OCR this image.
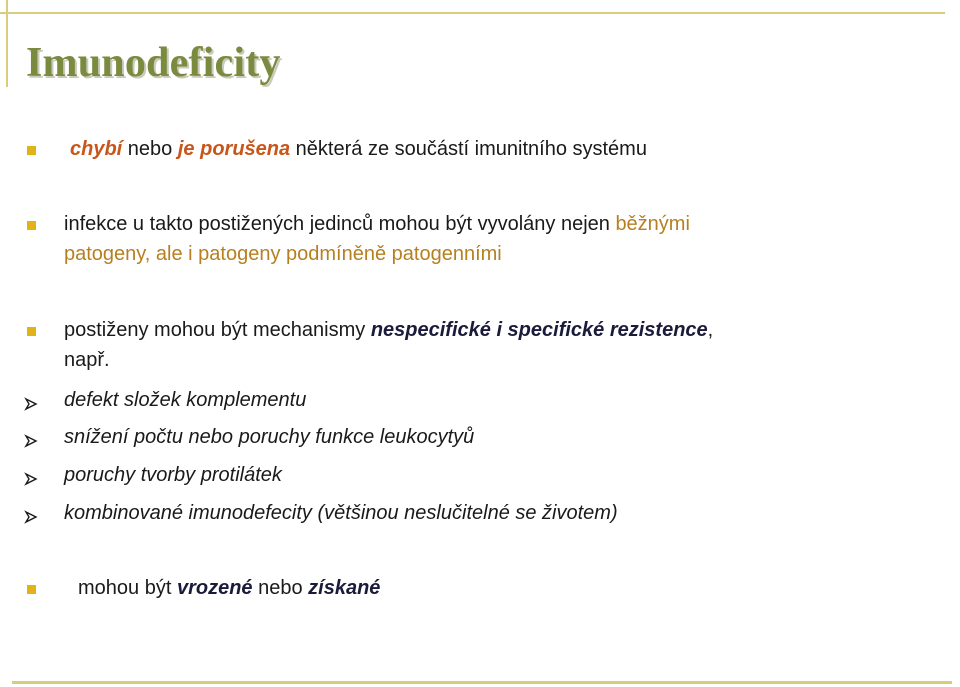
Imunodeficity
chybí nebo je porušena některá ze součástí imunitního systému
infekce u takto postižených jedinců mohou být vyvolány nejen běžnými
patogeny, ale i patogeny podmíněně patogenními
postiženy mohou být mechanismy nespecifické i specifické rezistence,
např.
defekt složek komplementu
snížení počtu nebo poruchy funkce leukocytyů
poruchy tvorby protilátek
kombinované imunodefecity (většinou neslučitelné se životem)
mohou být vrozené nebo získané
